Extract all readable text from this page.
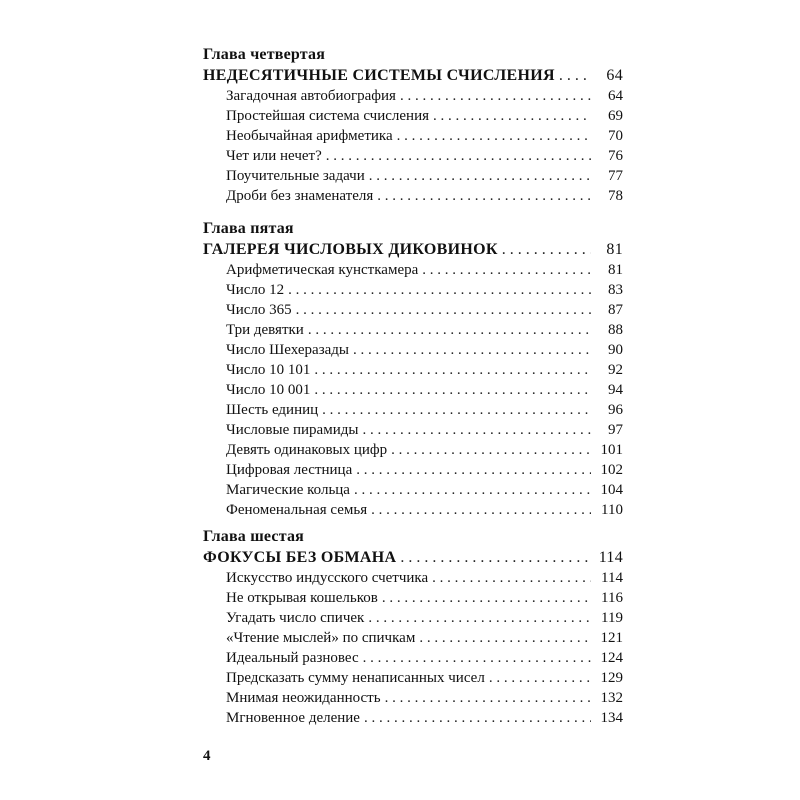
Глава четвертая
НЕДЕСЯТИЧНЫЕ СИСТЕМЫ СЧИСЛЕНИЯ . . .	64
Загадочная автобиография . . .	64
Простейшая система счисления . . .	69
Необычайная арифметика . . .	70
Чет или нечет? . . .	76
Поучительные задачи . . .	77
Дроби без знаменателя . . .	78
Глава пятая
ГАЛЕРЕЯ ЧИСЛОВЫХ ДИКОВИНОК . . .	81
Арифметическая кунсткамера . . .	81
Число 12 . . .	83
Число 365 . . .	87
Три девятки . . .	88
Число Шехеразады . . .	90
Число 10 101 . . .	92
Число 10 001 . . .	94
Шесть единиц . . .	96
Числовые пирамиды . . .	97
Девять одинаковых цифр . . .	101
Цифровая лестница . . .	102
Магические кольца . . .	104
Феноменальная семья . . .	110
Глава шестая
ФОКУСЫ БЕЗ ОБМАНА . . .	114
Искусство индусского счетчика . . .	114
Не открывая кошельков . . .	116
Угадать число спичек . . .	119
«Чтение мыслей» по спичкам . . .	121
Идеальный разновес . . .	124
Предсказать сумму ненаписанных чисел . . .	129
Мнимая неожиданность . . .	132
Мгновенное деление . . .	134
4
